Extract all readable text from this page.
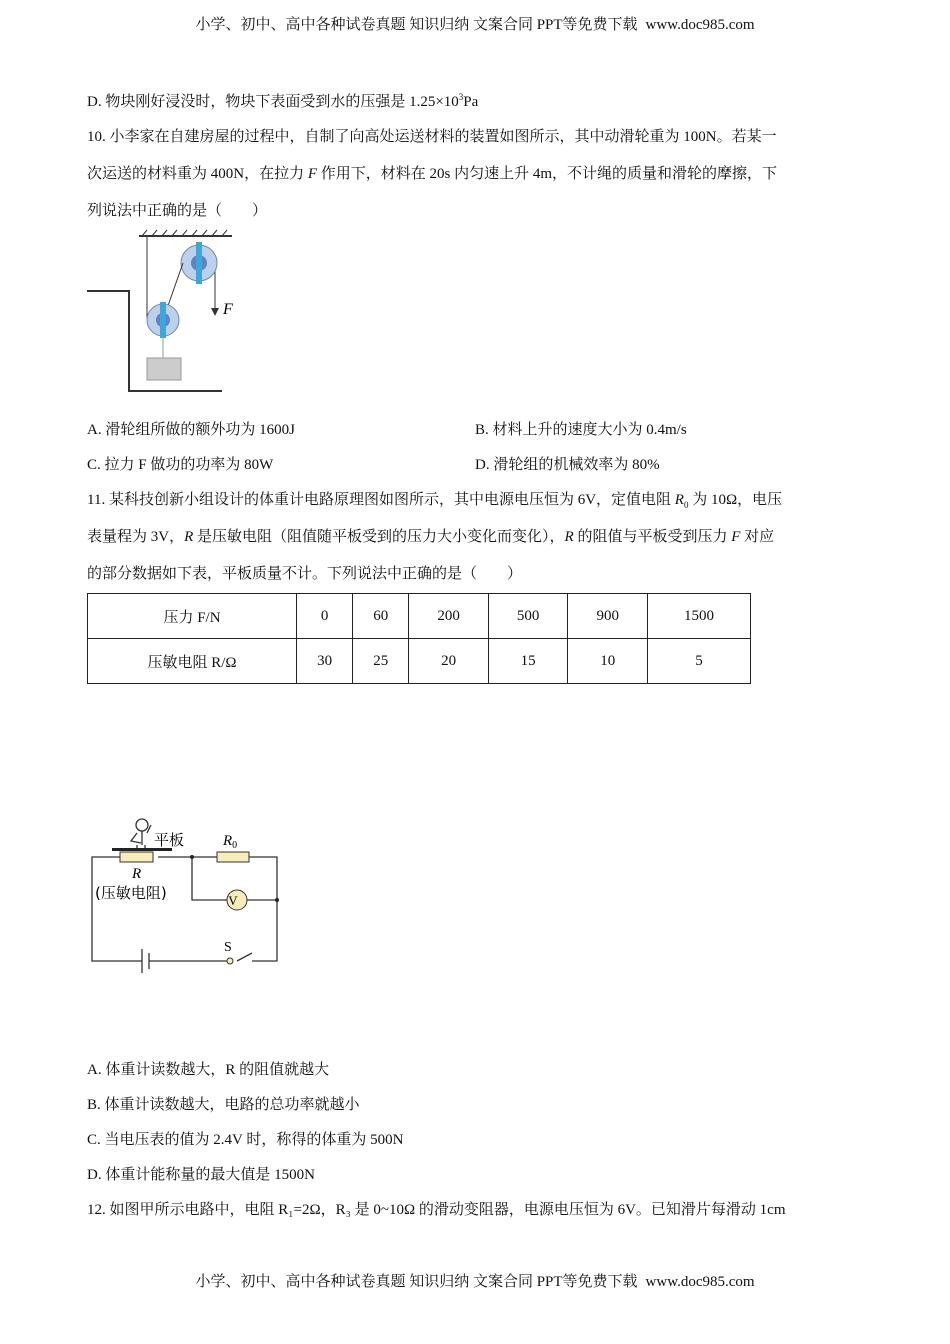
小学、初中、高中各种试卷真题 知识归纳 文案合同 PPT等免费下载 www.doc985.com
D. 物块刚好浸没时，物块下表面受到水的压强是 $1.25\times 10^3Pa$
10. 小李家在自建房屋的过程中，自制了向高处运送材料的装置如图所示，其中动滑轮重为 100N。若某一
次运送的材料重为 400N，在拉力 F 作用下，材料在 20s 内匀速上升 4m，不计绳的质量和滑轮的摩擦，下
列说法中正确的是（　　）
F
A. 滑轮组所做的额外功为 1600J	B. 材料上升的速度大小为 0.4m/s
C. 拉力 F 做功的功率为 80W	D. 滑轮组的机械效率为 80%
11. 某科技创新小组设计的体重计电路原理图如图所示，其中电源电压恒为 6V，定值电阻 $R_0$ 为 10Ω，电压
表量程为 3V，R 是压敏电阻（阻值随平板受到的压力大小变化而变化），R 的阻值与平板受到压力 F 对应
的部分数据如下表，平板质量不计。下列说法中正确的是（　　）
压力 F/N	0	60	200	500	900	1500
压敏电阻 R/Ω	30	25	20	15	10	5
V
平板	$R_0$
R
(压敏电阻)
S
A. 体重计读数越大，R 的阻值就越大
B. 体重计读数越大，电路的总功率就越小
C. 当电压表的值为 2.4V 时，称得的体重为 500N
D. 体重计能称量的最大值是 1500N
12. 如图甲所示电路中，电阻 R₁=2Ω，R₃ 是 0~10Ω 的滑动变阻器，电源电压恒为 6V。已知滑片每滑动 1cm
小学、初中、高中各种试卷真题 知识归纳 文案合同 PPT等免费下载 www.doc985.com
